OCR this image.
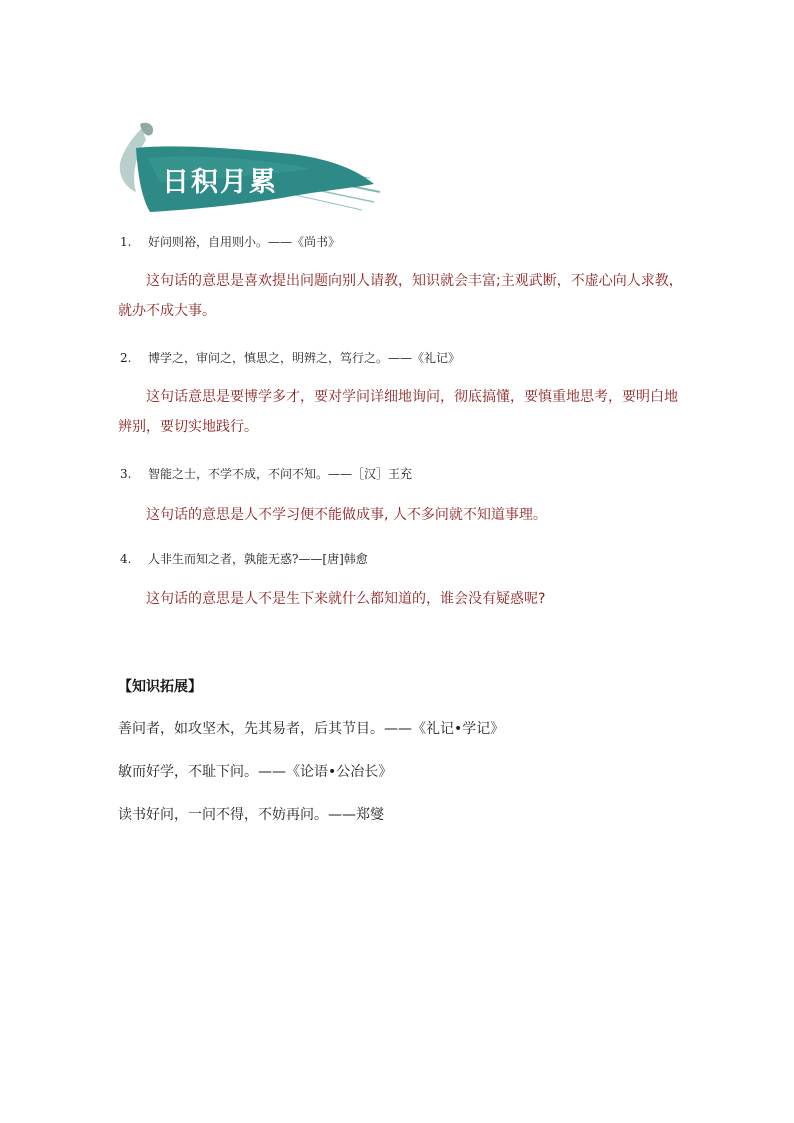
日积月累
1. 好问则裕，自用则小。——《尚书》

这句话的意思是喜欢提出问题向别人请教，知识就会丰富;主观武断，不虚心向人求教，就办不成大事。

2. 博学之，审问之，慎思之，明辨之，笃行之。——《礼记》

这句话意思是要博学多才，要对学问详细地询问，彻底搞懂，要慎重地思考，要明白地辨别，要切实地践行。

3. 智能之士，不学不成，不问不知。——［汉］王充

这句话的意思是人不学习便不能做成事, 人不多问就不知道事理。

4. 人非生而知之者，孰能无惑?——[唐]韩愈

这句话的意思是人不是生下来就什么都知道的，谁会没有疑惑呢?

【知识拓展】
善问者，如攻坚木，先其易者，后其节目。——《礼记•学记》
敏而好学，不耻下问。——《论语•公冶长》
读书好问，一问不得，不妨再问。——郑燮
